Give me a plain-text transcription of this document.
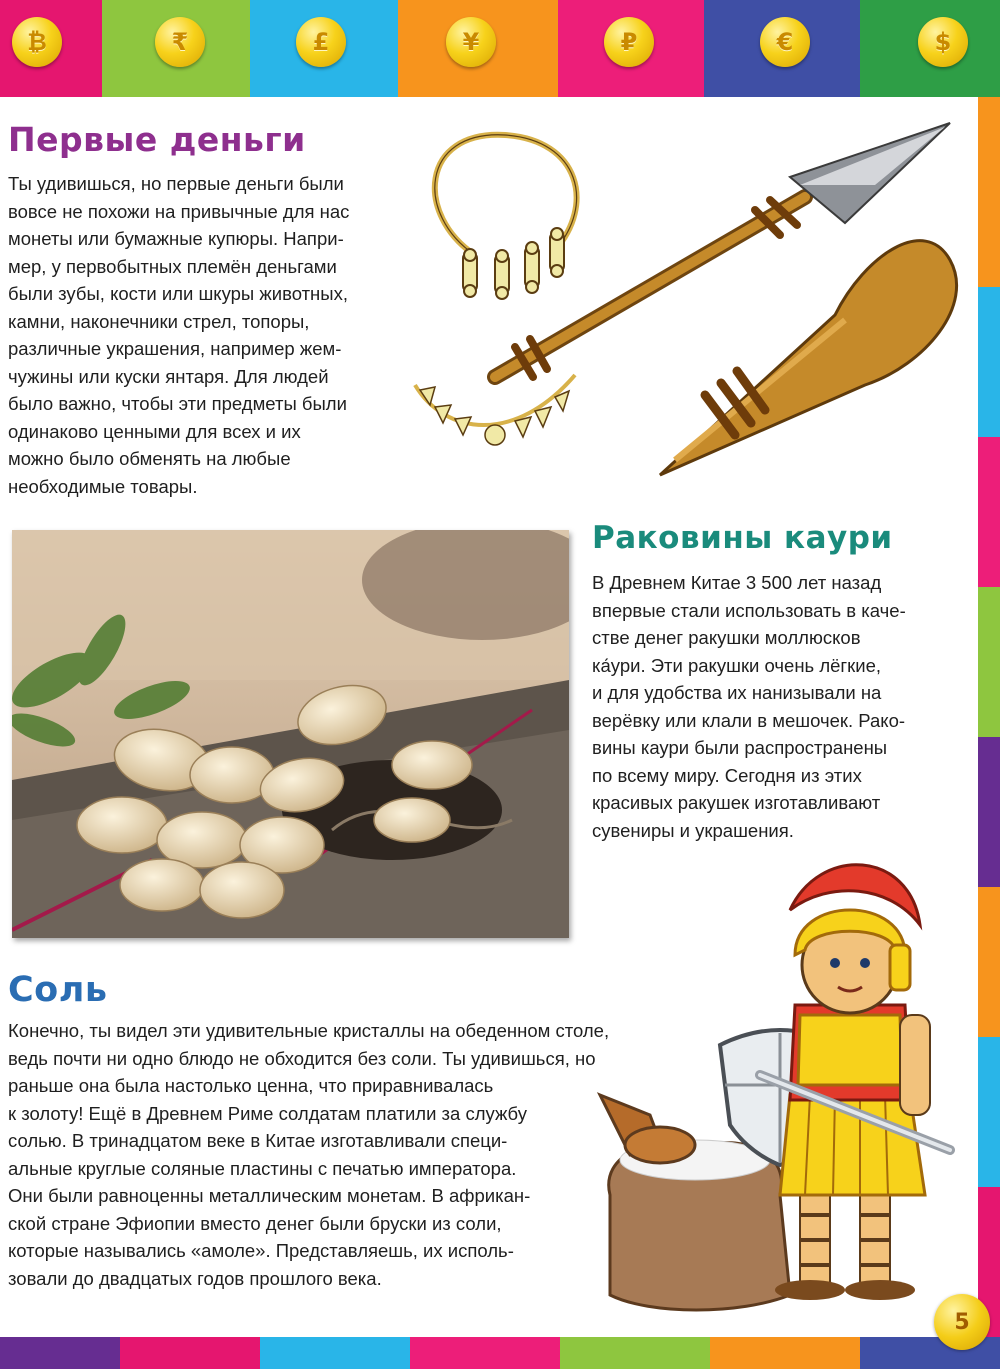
₿	₹	£	¥	₽	€	$
Первые деньги
Ты удивишься, но первые деньги были
вовсе не похожи на привычные для нас
монеты или бумажные купюры. Напри-
мер, у первобытных племён деньгами
были зубы, кости или шкуры животных,
камни, наконечники стрел, топоры,
различные украшения, например жем-
чужины или куски янтаря. Для людей
было важно, чтобы эти предметы были
одинаково ценными для всех и их
можно было обменять на любые
необходимые товары.
Раковины каури
В Древнем Китае 3 500 лет назад
впервые стали использовать в каче-
стве денег ракушки моллюсков
ка́ури. Эти ракушки очень лёгкие,
и для удобства их нанизывали на
верёвку или клали в мешочек. Рако-
вины каури были распространены
по всему миру. Сегодня из этих
красивых ракушек изготавливают
сувениры и украшения.
Соль
Конечно, ты видел эти удивительные кристаллы на обеденном столе,
ведь почти ни одно блюдо не обходится без соли. Ты удивишься, но
раньше она была настолько ценна, что приравнивалась
к золоту! Ещё в Древнем Риме солдатам платили за службу
солью. В тринадцатом веке в Китае изготавливали специ-
альные круглые соляные пластины с печатью императора.
Они были равноценны металлическим монетам. В африкан-
ской стране Эфиопии вместо денег были бруски из соли,
которые назывались «амоле». Представляешь, их исполь-
зовали до двадцатых годов прошлого века.
5
